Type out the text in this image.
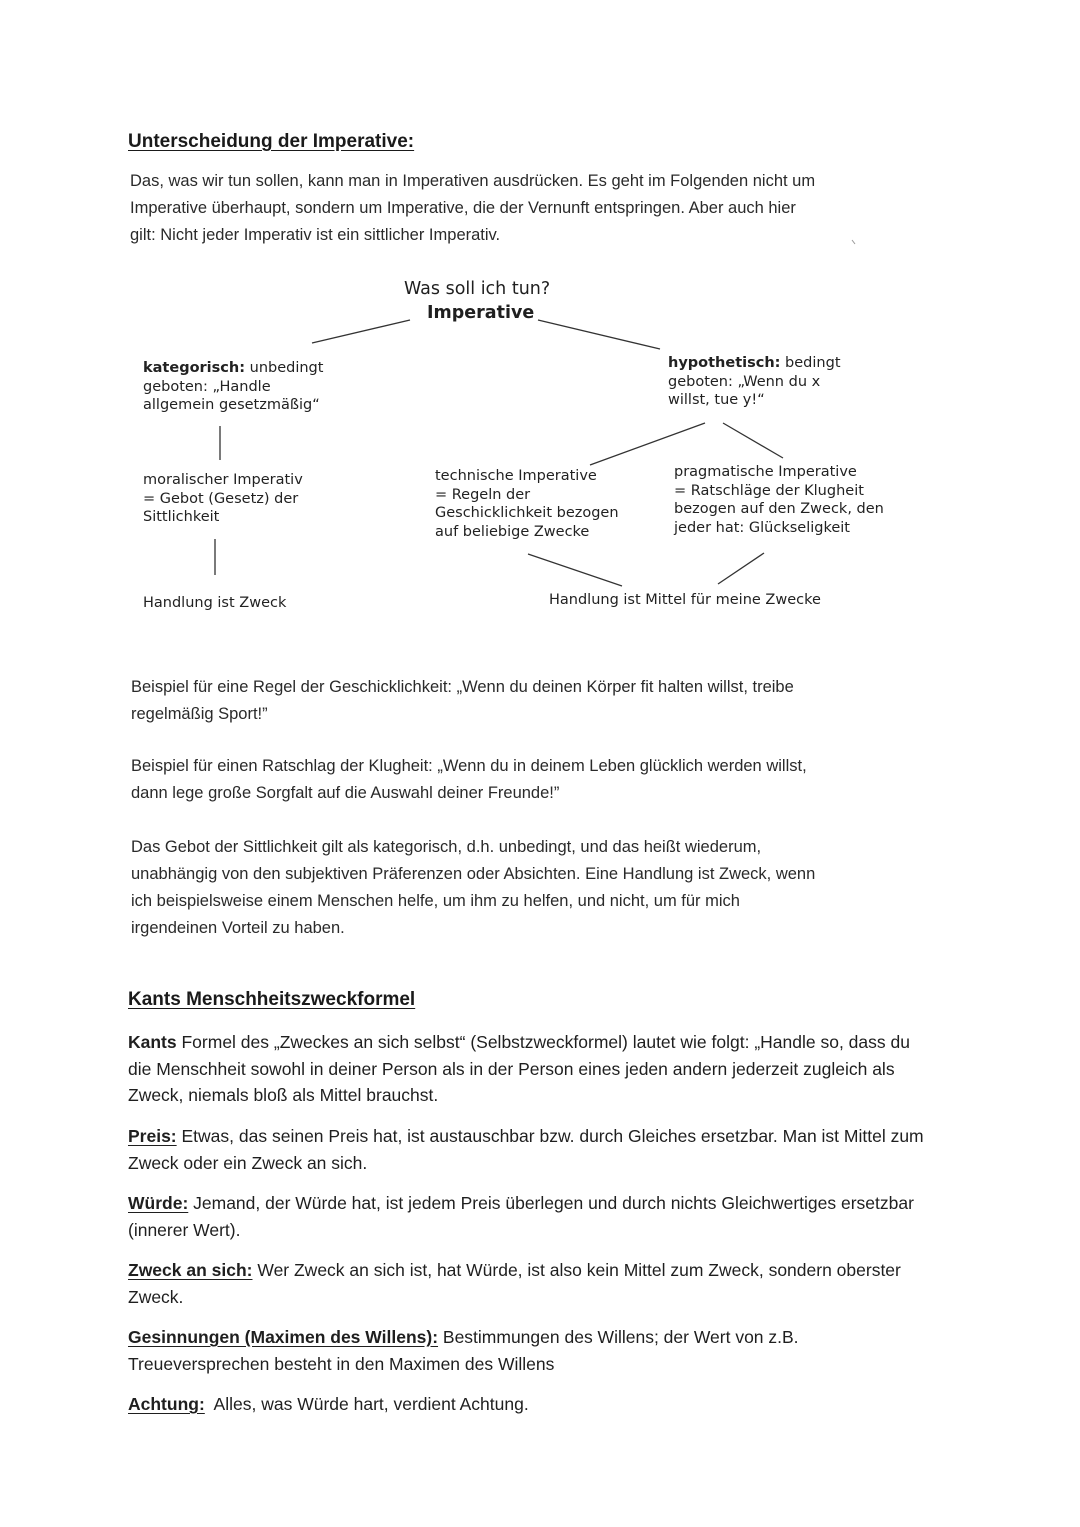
Unterscheidung der Imperative:
Das, was wir tun sollen, kann man in Imperativen ausdrücken. Es geht im Folgenden nicht um
Imperative überhaupt, sondern um Imperative, die der Vernunft entspringen. Aber auch hier
gilt: Nicht jeder Imperativ ist ein sittlicher Imperativ.
Was soll ich tun?
Imperative
kategorisch: unbedingt
geboten: „Handle
allgemein gesetzmäßig“
hypothetisch: bedingt
geboten: „Wenn du x
willst, tue y!“
moralischer Imperativ
= Gebot (Gesetz) der
Sittlichkeit
technische Imperative
= Regeln der
Geschicklichkeit bezogen
auf beliebige Zwecke
pragmatische Imperative
= Ratschläge der Klugheit
bezogen auf den Zweck, den
jeder hat: Glückseligkeit
Handlung ist Zweck	Handlung ist Mittel für meine Zwecke
Beispiel für eine Regel der Geschicklichkeit: „Wenn du deinen Körper fit halten willst, treibe
regelmäßig Sport!”
Beispiel für einen Ratschlag der Klugheit: „Wenn du in deinem Leben glücklich werden willst,
dann lege große Sorgfalt auf die Auswahl deiner Freunde!”
Das Gebot der Sittlichkeit gilt als kategorisch, d.h. unbedingt, und das heißt wiederum,
unabhängig von den subjektiven Präferenzen oder Absichten. Eine Handlung ist Zweck, wenn
ich beispielsweise einem Menschen helfe, um ihm zu helfen, und nicht, um für mich
irgendeinen Vorteil zu haben.
Kants Menschheitszweckformel
Kants Formel des „Zweckes an sich selbst“ (Selbstzweckformel) lautet wie folgt: „Handle so, dass du
die Menschheit sowohl in deiner Person als in der Person eines jeden andern jederzeit zugleich als
Zweck, niemals bloß als Mittel brauchst.
Preis: Etwas, das seinen Preis hat, ist austauschbar bzw. durch Gleiches ersetzbar. Man ist Mittel zum
Zweck oder ein Zweck an sich.
Würde: Jemand, der Würde hat, ist jedem Preis überlegen und durch nichts Gleichwertiges ersetzbar
(innerer Wert).
Zweck an sich: Wer Zweck an sich ist, hat Würde, ist also kein Mittel zum Zweck, sondern oberster
Zweck.
Gesinnungen (Maximen des Willens): Bestimmungen des Willens; der Wert von z.B.
Treueversprechen besteht in den Maximen des Willens
Achtung:  Alles, was Würde hart, verdient Achtung.
